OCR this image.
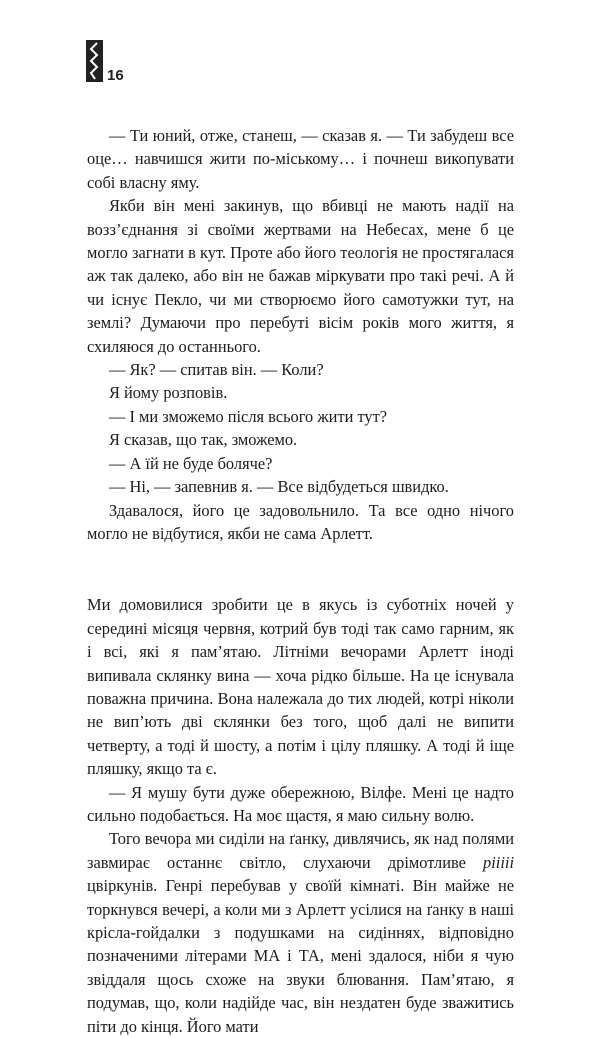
16

— Ти юний, отже, станеш, — сказав я. — Ти забудеш все оце… навчишся жити по-міському… і почнеш викопувати собі власну яму.

Якби він мені закинув, що вбивці не мають надії на возз’єднання зі своїми жертвами на Небесах, мене б це могло загнати в кут. Проте або його теологія не простягалася аж так далеко, або він не бажав міркувати про такі речі. А й чи існує Пекло, чи ми створюємо його самотужки тут, на землі? Думаючи про перебуті вісім років мого життя, я схиляюся до останнього.

— Як? — спитав він. — Коли?

Я йому розповів.

— І ми зможемо після всього жити тут?

Я сказав, що так, зможемо.

— А їй не буде боляче?

— Ні, — запевнив я. — Все відбудеться швидко.

Здавалося, його це задовольнило. Та все одно нічого могло не відбутися, якби не сама Арлетт.

Ми домовилися зробити це в якусь із суботніх ночей у середині місяця червня, котрий був тоді так само гарним, як і всі, які я пам’ятаю. Літніми вечорами Арлетт іноді випивала склянку вина — хоча рідко більше. На це існувала поважна причина. Вона належала до тих людей, котрі ніколи не вип’ють дві склянки без того, щоб далі не випити четверту, а тоді й шосту, а потім і цілу пляшку. А тоді й іще пляшку, якщо та є.

— Я мушу бути дуже обережною, Вілфе. Мені це надто сильно подобається. На моє щастя, я маю сильну волю.

Того вечора ми сиділи на ґанку, дивлячись, як над полями завмирає останнє світло, слухаючи дрімотливе рііііі цвіркунів. Генрі перебував у своїй кімнаті. Він майже не торкнувся вечері, а коли ми з Арлетт усілися на ґанку в наші крісла-гойдалки з подушками на сидіннях, відповідно позначеними літерами МА і ТА, мені здалося, ніби я чую звіддаля щось схоже на звуки блювання. Пам’ятаю, я подумав, що, коли надійде час, він нездатен буде зважитись піти до кінця. Його мати
